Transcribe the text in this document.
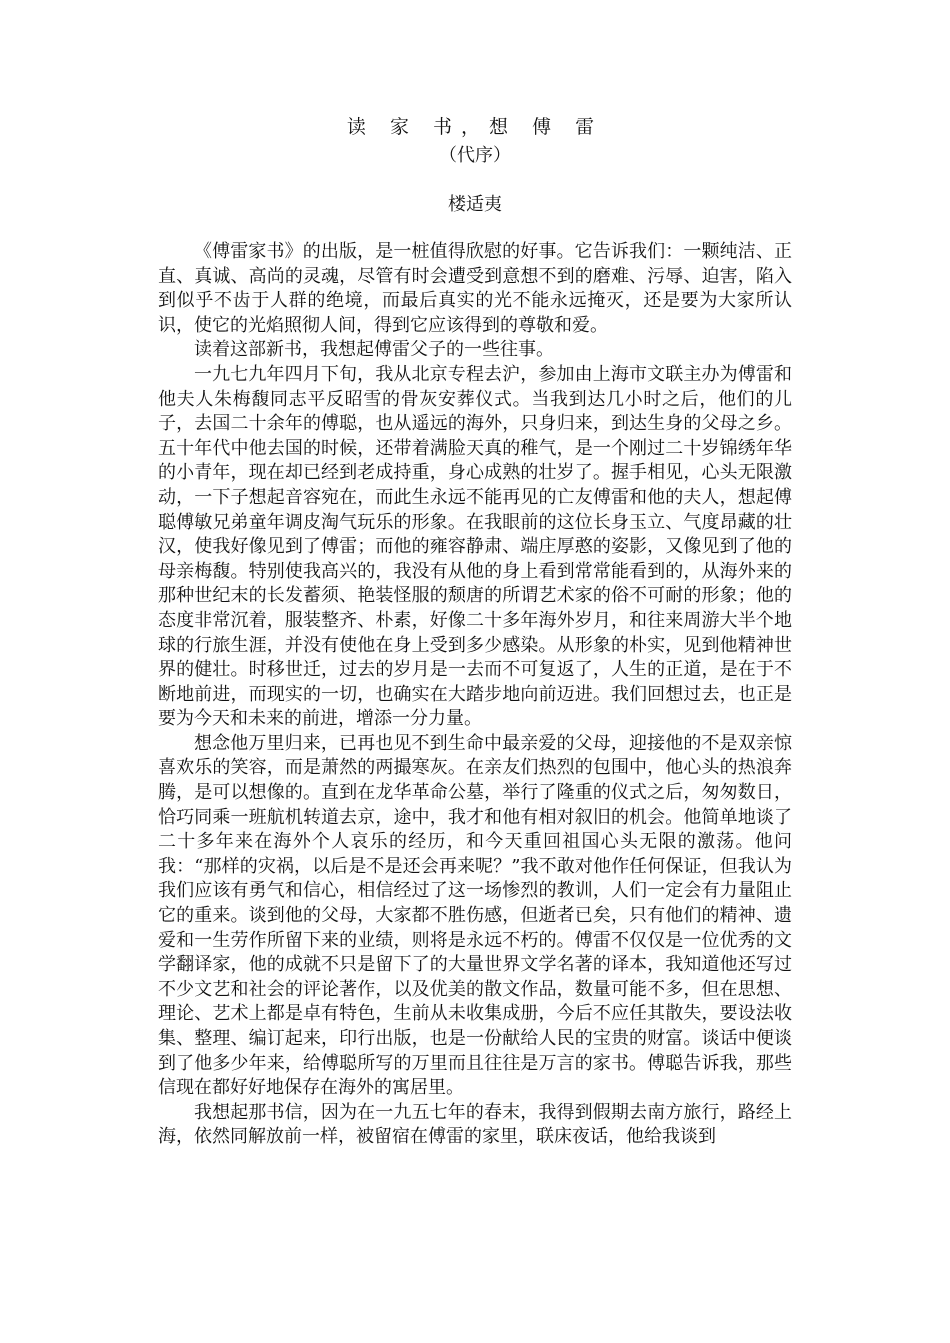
读 家 书，想 傅 雷
（代序）
楼适夷

《傅雷家书》的出版，是一桩值得欣慰的好事。它告诉我们：一颗纯洁、正直、真诚、高尚的灵魂，尽管有时会遭受到意想不到的磨难、污辱、迫害，陷入到似乎不齿于人群的绝境，而最后真实的光不能永远掩灭，还是要为大家所认识，使它的光焰照彻人间，得到它应该得到的尊敬和爱。

读着这部新书，我想起傅雷父子的一些往事。

一九七九年四月下旬，我从北京专程去沪，参加由上海市文联主办为傅雷和他夫人朱梅馥同志平反昭雪的骨灰安葬仪式。当我到达几小时之后，他们的儿子，去国二十余年的傅聪，也从遥远的海外，只身归来，到达生身的父母之乡。五十年代中他去国的时候，还带着满脸天真的稚气，是一个刚过二十岁锦绣年华的小青年，现在却已经到老成持重，身心成熟的壮岁了。握手相见，心头无限激动，一下子想起音容宛在，而此生永远不能再见的亡友傅雷和他的夫人，想起傅聪傅敏兄弟童年调皮淘气玩乐的形象。在我眼前的这位长身玉立、气度昂藏的壮汉，使我好像见到了傅雷；而他的雍容静肃、端庄厚憨的姿影，又像见到了他的母亲梅馥。特别使我高兴的，我没有从他的身上看到常常能看到的，从海外来的那种世纪末的长发蓄须、艳装怪服的颓唐的所谓艺术家的俗不可耐的形象；他的态度非常沉着，服装整齐、朴素，好像二十多年海外岁月，和往来周游大半个地球的行旅生涯，并没有使他在身上受到多少感染。从形象的朴实，见到他精神世界的健壮。时移世迁，过去的岁月是一去而不可复返了，人生的正道，是在于不断地前进，而现实的一切，也确实在大踏步地向前迈进。我们回想过去，也正是要为今天和未来的前进，增添一分力量。

想念他万里归来，已再也见不到生命中最亲爱的父母，迎接他的不是双亲惊喜欢乐的笑容，而是萧然的两撮寒灰。在亲友们热烈的包围中，他心头的热浪奔腾，是可以想像的。直到在龙华革命公墓，举行了隆重的仪式之后，匆匆数日，恰巧同乘一班航机转道去京，途中，我才和他有相对叙旧的机会。他简单地谈了二十多年来在海外个人哀乐的经历，和今天重回祖国心头无限的激荡。他问我：“那样的灾祸，以后是不是还会再来呢？”我不敢对他作任何保证，但我认为我们应该有勇气和信心，相信经过了这一场惨烈的教训，人们一定会有力量阻止它的重来。谈到他的父母，大家都不胜伤感，但逝者已矣，只有他们的精神、遗爱和一生劳作所留下来的业绩，则将是永远不朽的。傅雷不仅仅是一位优秀的文学翻译家，他的成就不只是留下了的大量世界文学名著的译本，我知道他还写过不少文艺和社会的评论著作，以及优美的散文作品，数量可能不多，但在思想、理论、艺术上都是卓有特色，生前从未收集成册，今后不应任其散失，要设法收集、整理、编订起来，印行出版，也是一份献给人民的宝贵的财富。谈话中便谈到了他多少年来，给傅聪所写的万里而且往往是万言的家书。傅聪告诉我，那些信现在都好好地保存在海外的寓居里。

我想起那书信，因为在一九五七年的春末，我得到假期去南方旅行，路经上海，依然同解放前一样，被留宿在傅雷的家里，联床夜话，他给我谈到
